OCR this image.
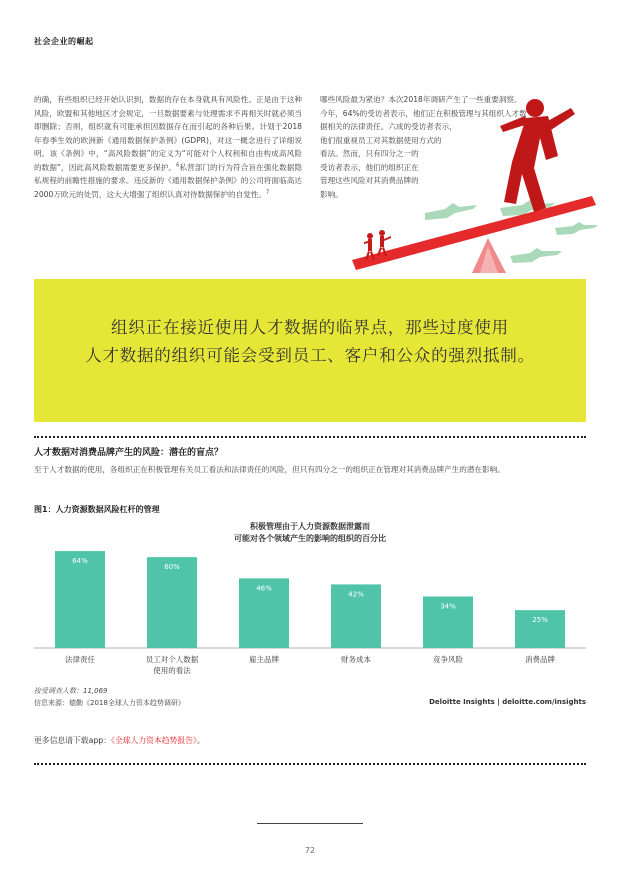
社会企业的崛起
的确，有些组织已经开始认识到，数据的存在本身就具有风险性。正是由于这种风险，欧盟和其他地区才会规定，一旦数据要素与处理需求不再相关时就必须当即删除；否则，组织就有可能承担因数据存在而引起的各种后果。计划于2018年春季生效的欧洲新《通用数据保护条例》(GDPR)，对这一概念进行了详细说明。该《条例》中，“高风险数据”的定义为“可能对个人权利和自由构成高风险的数据”，因此高风险数据需要更多保护。$^6$私营部门的行为符合旨在强化数据隐私规程的前瞻性措施的要求。违反新的《通用数据保护条例》的公司将面临高达2000万欧元的处罚，这大大增强了组织认真对待数据保护的自觉性。$^7$
哪些风险最为紧迫？本次2018年调研产生了一些重要洞察。
今年，64%的受访者表示，他们正在积极管理与其组织人才数
据相关的法律责任。六成的受访者表示，
他们很重视员工对其数据使用方式的
看法。然而，只有四分之一的
受访者表示，他们的组织正在
管理这些风险对其消费品牌的
影响。
组织正在接近使用人才数据的临界点，那些过度使用
人才数据的组织可能会受到员工、客户和公众的强烈抵制。
人才数据对消费品牌产生的风险：潜在的盲点？
至于人才数据的使用，各组织正在积极管理有关员工看法和法律责任的风险，但只有四分之一的组织正在管理对其消费品牌产生的潜在影响。
图1：人力资源数据风险杠杆的管理
积极管理由于人力资源数据泄露而
可能对各个领域产生的影响的组织的百分比
64%
法律责任
60%
员工对个人数据
使用的看法
46%
雇主品牌
42%
财务成本
34%
竞争风险
25%
消费品牌
接受调查人数：11,069
信息来源：德勤《2018全球人力资本趋势调研》	Deloitte Insights | deloitte.com/insights
更多信息请下载app：《全球人力资本趋势报告》。
72
